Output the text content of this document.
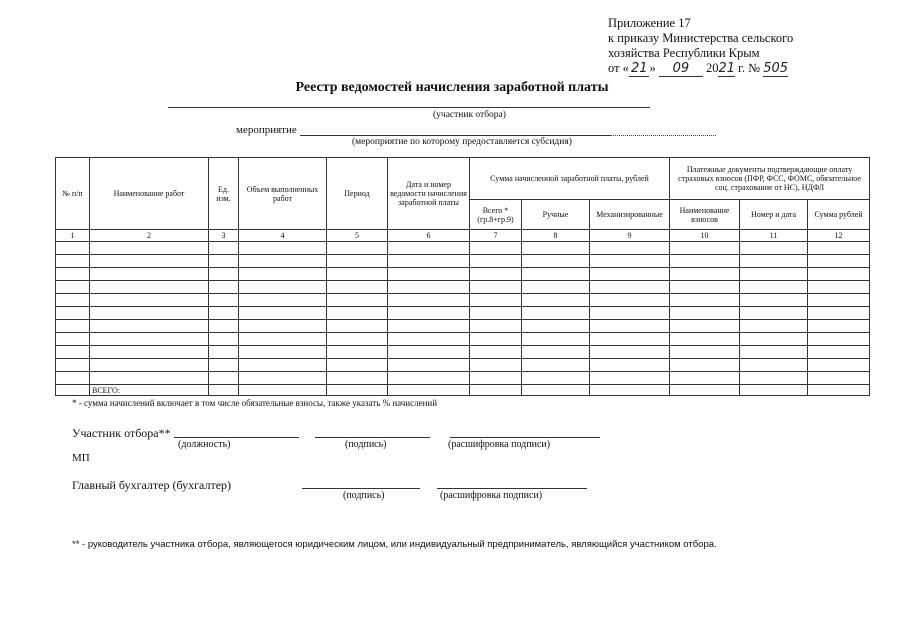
Приложение 17
к приказу Министерства сельского
хозяйства Республики Крым
от « 21 » 09 2021 г. № 505
Реестр ведомостей начисления заработной платы
(участник отбора)
мероприятие
(мероприятие по которому предоставляется субсидия)
№ п/п	Наименование работ	Ед. изм.	Объем выполненных работ	Период	Дата и номер ведомости начисления заработной платы	Сумма начисленной заработной платы, рублей			Платежные документы подтверждающие оплату страховых взносов (ПФР, ФСС, ФОМС, обязательное соц. страхование от НС), НДФЛ		
						Всего * (гр.8+гр.9)	Ручные	Механизированные	Наименование взносов	Номер и дата	Сумма рублей
1	2	3	4	5	6	7	8	9	10	11	12

	ВСЕГО:										
* - сумма начислений включает в том числе обязательные взносы, также указать % начислений
Участник отбора**
(должность)	(подпись)	(расшифровка подписи)
МП
Главный бухгалтер (бухгалтер)
(подпись)	(расшифровка подписи)
** - руководитель участника отбора, являющегося юридическим лицом, или индивидуальный предприниматель, являющийся участником отбора.
